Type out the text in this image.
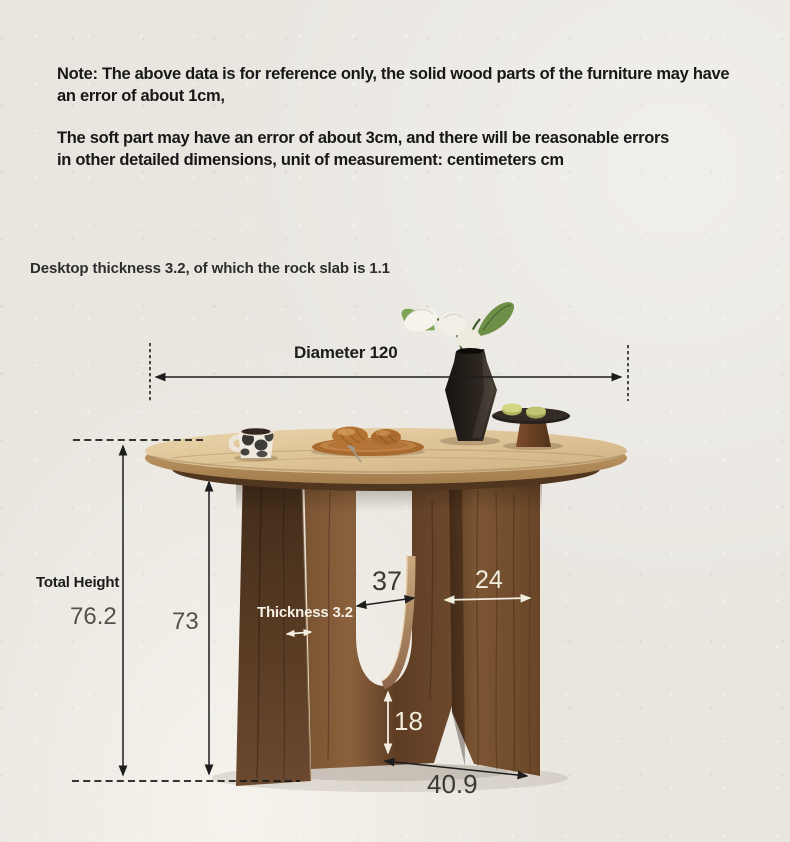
Note: The above data is for reference only, the solid wood parts of the furniture may have
an error of about 1cm,
The soft part may have an error of about 3cm, and there will be reasonable errors
in other detailed dimensions, unit of measurement: centimeters cm
Desktop thickness 3.2, of which the rock slab is 1.1
Diameter 120
Total Height
76.2 73
37	24
Thickness 3.2
18
40.9
